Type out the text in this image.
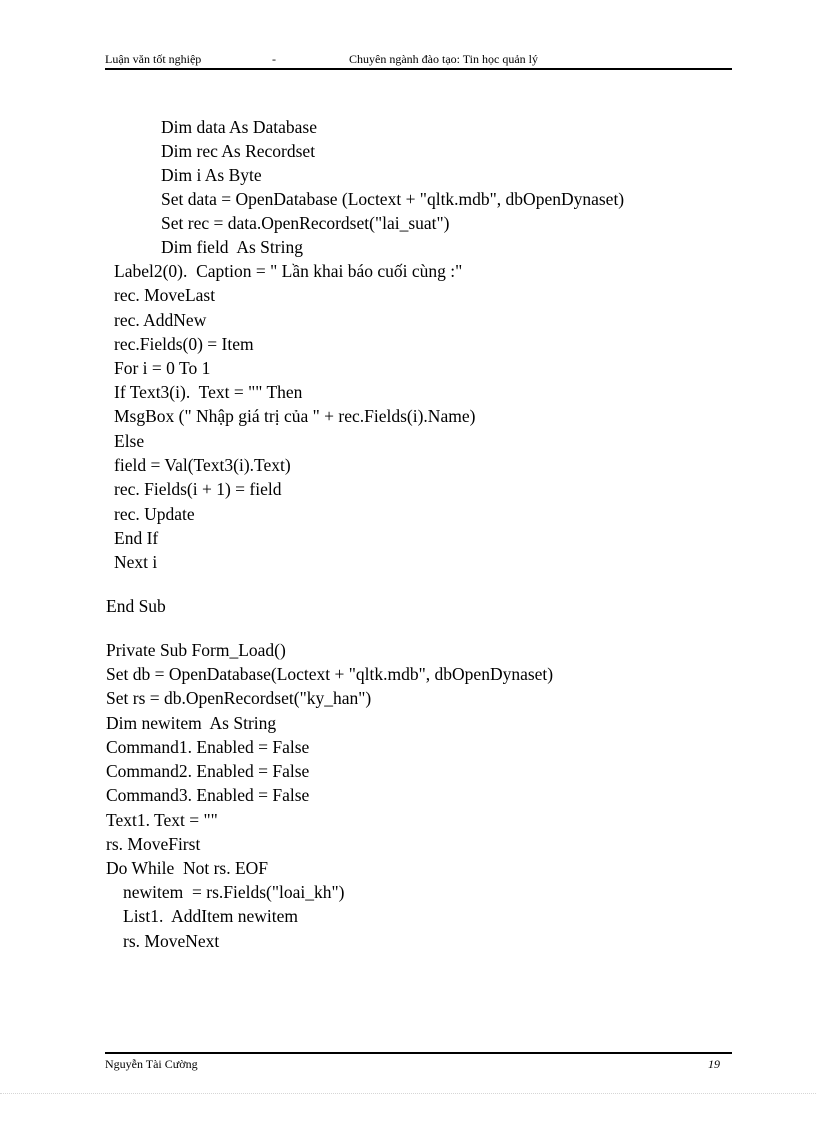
Luận văn tốt nghiệp	-	Chuyên ngành đào tạo: Tin học quản lý
Dim data As Database
Dim rec As Recordset
Dim i As Byte
Set data = OpenDatabase (Loctext + "qltk.mdb", dbOpenDynaset)
Set rec = data.OpenRecordset("lai_suat")
Dim field  As String
Label2(0).  Caption = " Lần khai báo cuối cùng :"
rec. MoveLast
rec. AddNew
rec.Fields(0) = Item
For i = 0 To 1
If Text3(i).  Text = "" Then
MsgBox (" Nhập giá trị của " + rec.Fields(i).Name)
Else
field = Val(Text3(i).Text)
rec. Fields(i + 1) = field
rec. Update
End If
Next i
End Sub
Private Sub Form_Load()
Set db = OpenDatabase(Loctext + "qltk.mdb", dbOpenDynaset)
Set rs = db.OpenRecordset("ky_han")
Dim newitem  As String
Command1. Enabled = False
Command2. Enabled = False
Command3. Enabled = False
Text1. Text = ""
rs. MoveFirst
Do While  Not rs. EOF
newitem  = rs.Fields("loai_kh")
List1.  AddItem newitem
rs. MoveNext
Nguyễn Tài Cường	19
